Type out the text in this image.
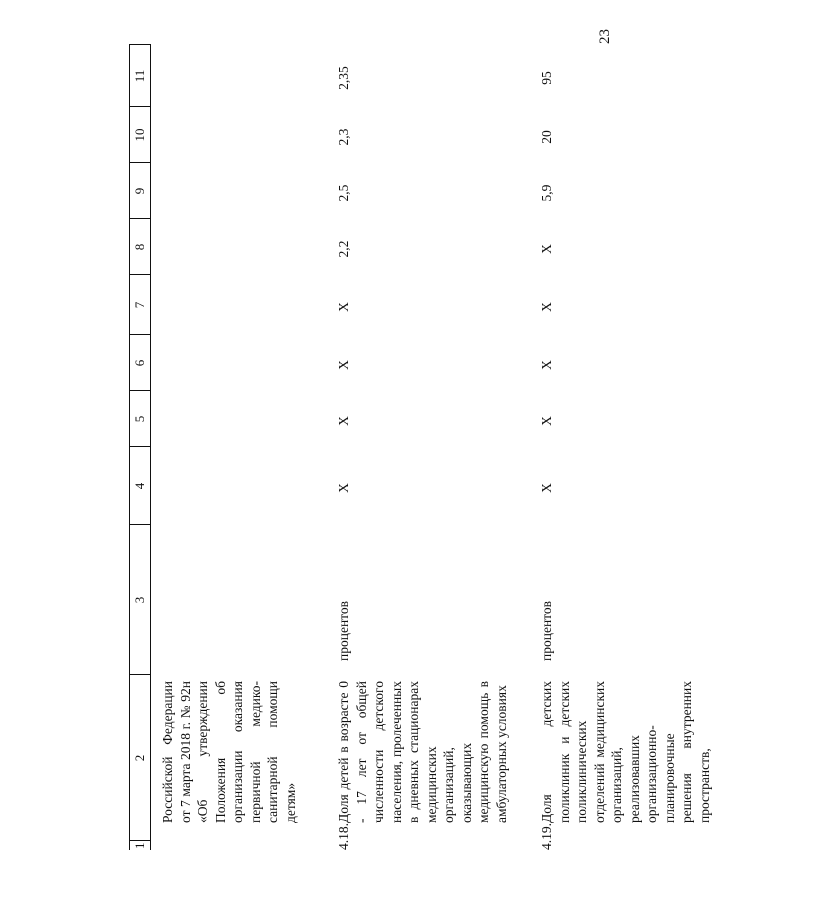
23
1	2	3	4	5	6	7	8	9	10	11
	Российской Федерации от 7 марта 2018 г. № 92н «Об утверждении Положения об организации оказания первичной медико-санитарной помощи детям»									
4.18.	Доля детей в возрасте 0 - 17 лет от общей численности детского населения, пролеченных в дневных стационарах медицинских организаций, оказывающих медицинскую помощь в амбулаторных условиях	процентов	X	X	X	X	2,2	2,5	2,3	2,35
4.19.	Доля детских поликлиник и детских поликлинических отделений медицинских организаций, реализовавших организационно-планировочные решения внутренних пространств,	процентов	X	X	X	X	X	5,9	20	95
